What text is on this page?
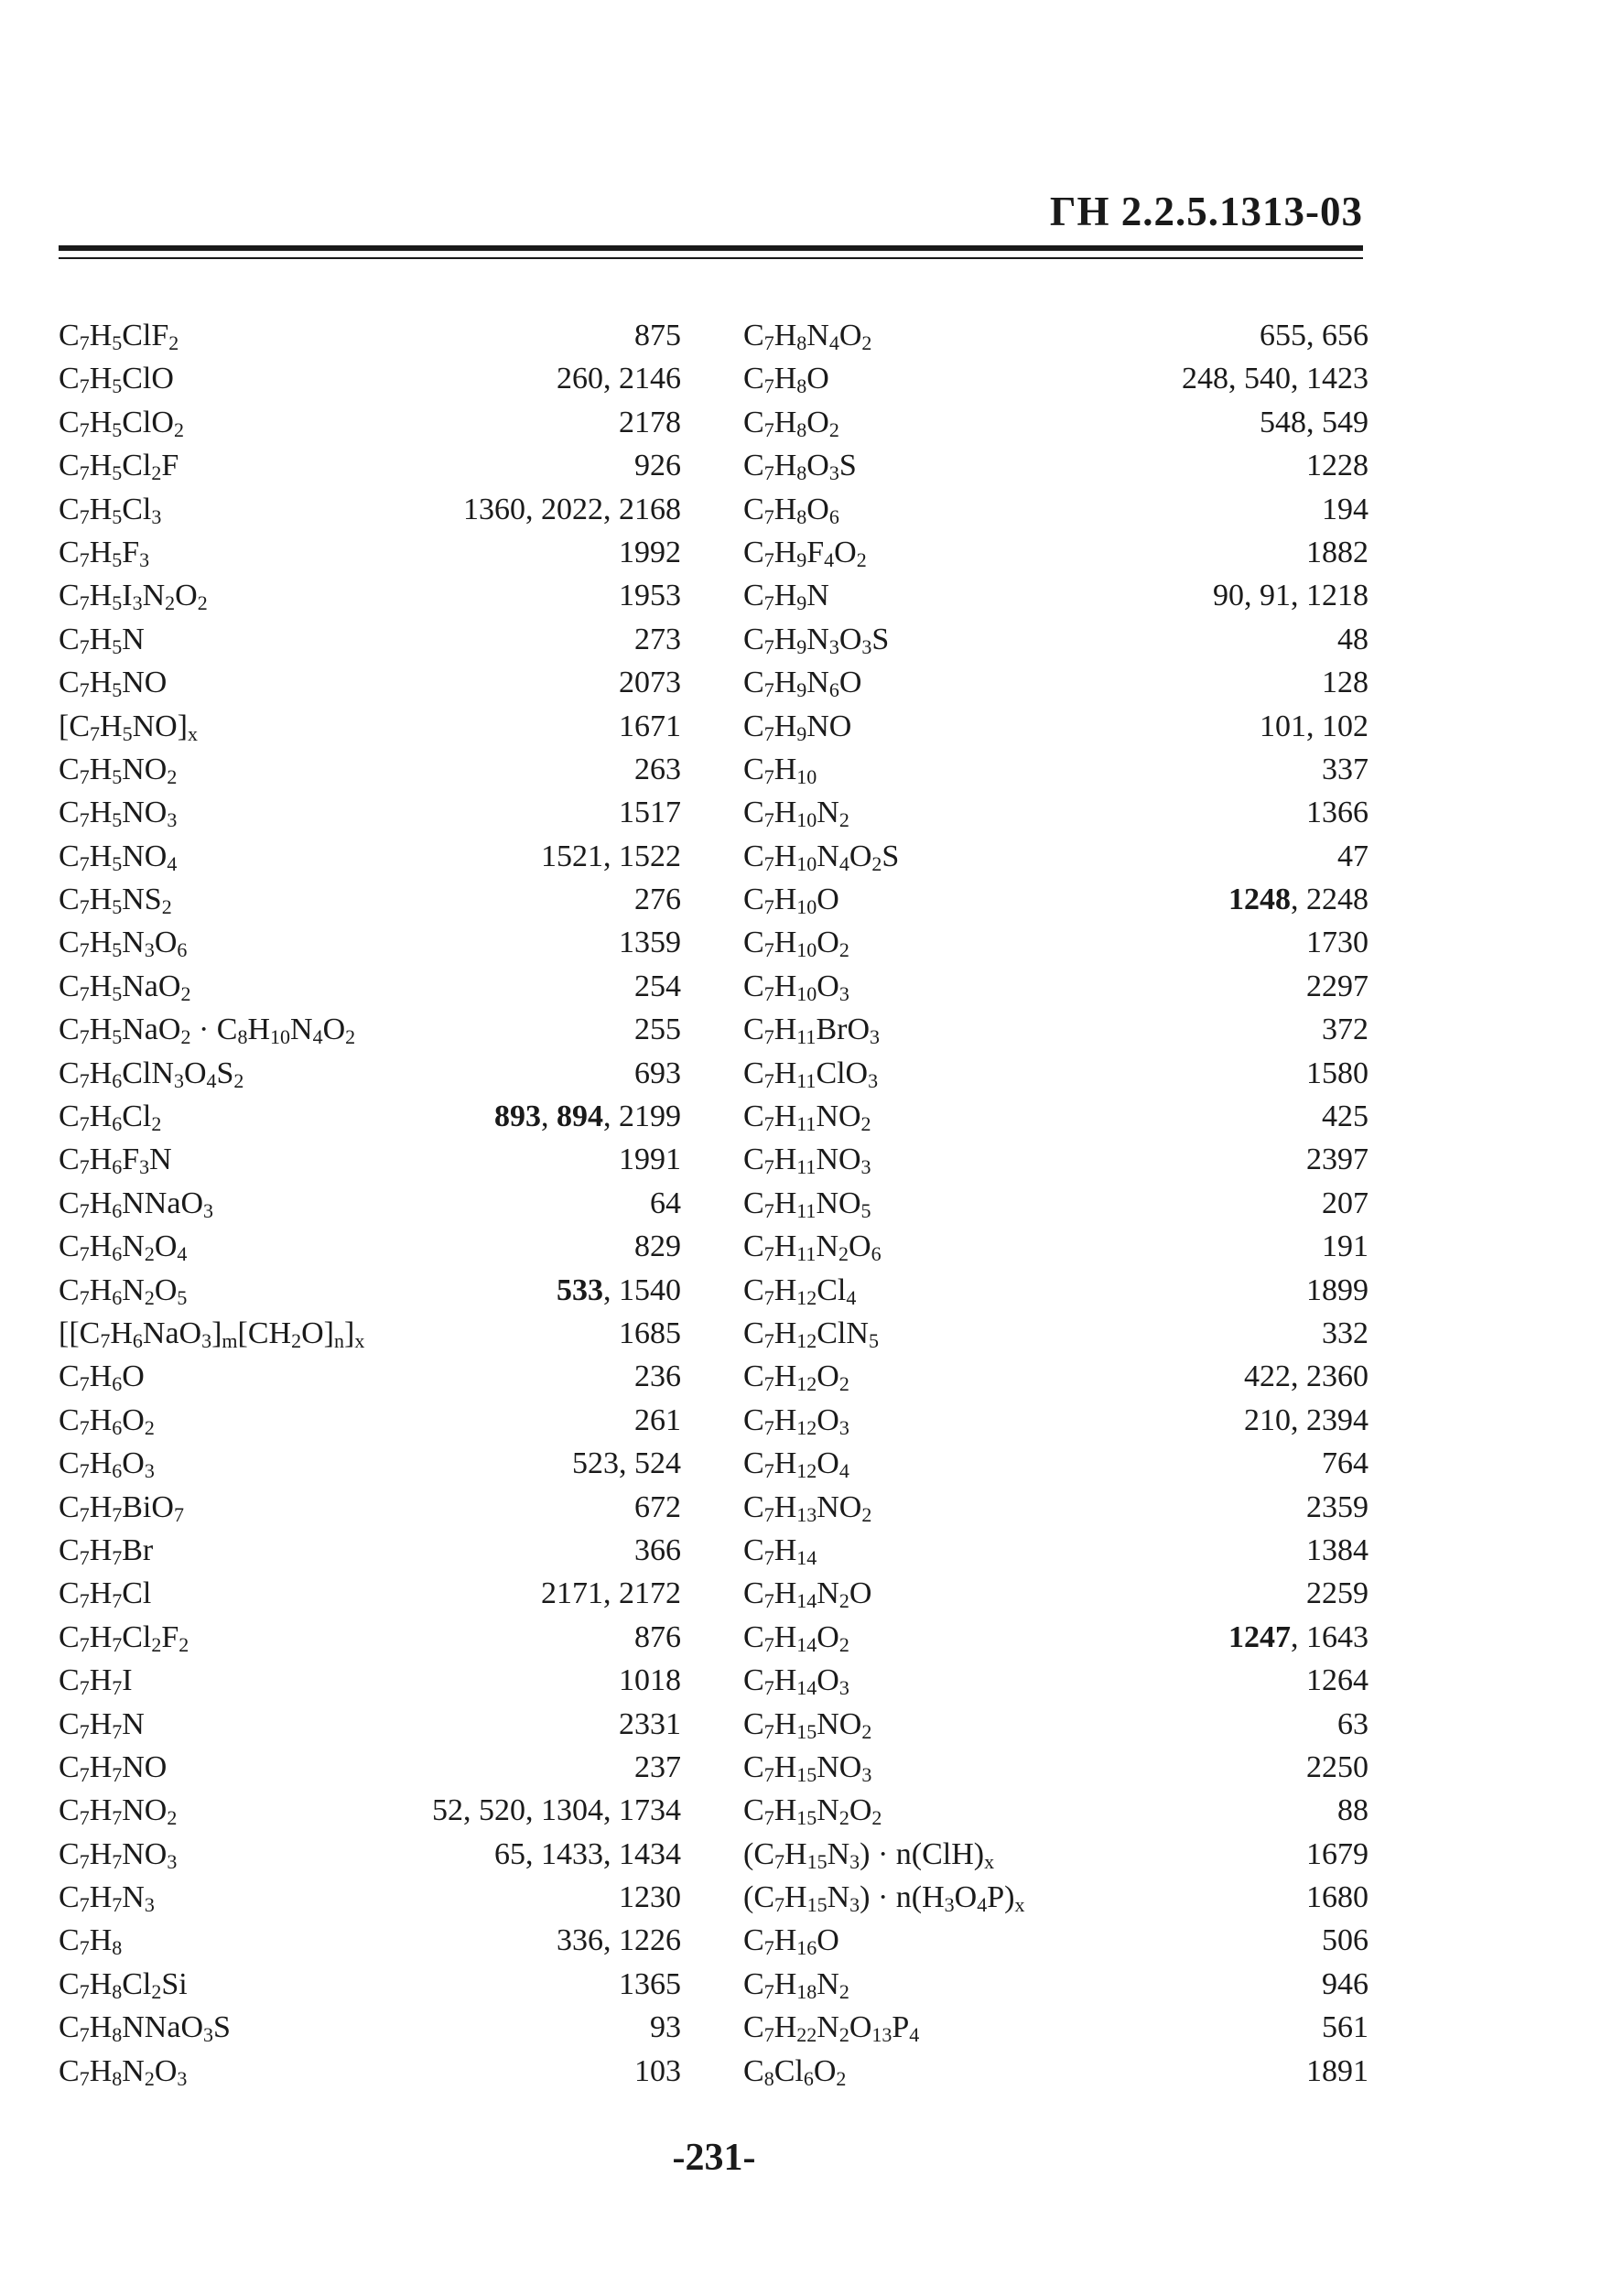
ГН 2.2.5.1313-03
$C_7H_5ClF_2$	875
$C_7H_5ClO$	260, 2146
$C_7H_5ClO_2$	2178
$C_7H_5Cl_2F$	926
$C_7H_5Cl_3$	1360, 2022, 2168
$C_7H_5F_3$	1992
$C_7H_5I_3N_2O_2$	1953
$C_7H_5N$	273
$C_7H_5NO$	2073
$[C_7H_5NO]_x$	1671
$C_7H_5NO_2$	263
$C_7H_5NO_3$	1517
$C_7H_5NO_4$	1521, 1522
$C_7H_5NS_2$	276
$C_7H_5N_3O_6$	1359
$C_7H_5NaO_2$	254
$C_7H_5NaO_2 \cdot C_8H_{10}N_4O_2$	255
$C_7H_6ClN_3O_4S_2$	693
$C_7H_6Cl_2$	893, 894, 2199
$C_7H_6F_3N$	1991
$C_7H_6NNaO_3$	64
$C_7H_6N_2O_4$	829
$C_7H_6N_2O_5$	533, 1540
$[[C_7H_6NaO_3]_m[CH_2O]_n]_x$	1685
$C_7H_6O$	236
$C_7H_6O_2$	261
$C_7H_6O_3$	523, 524
$C_7H_7BiO_7$	672
$C_7H_7Br$	366
$C_7H_7Cl$	2171, 2172
$C_7H_7Cl_2F_2$	876
$C_7H_7I$	1018
$C_7H_7N$	2331
$C_7H_7NO$	237
$C_7H_7NO_2$	52, 520, 1304, 1734
$C_7H_7NO_3$	65, 1433, 1434
$C_7H_7N_3$	1230
$C_7H_8$	336, 1226
$C_7H_8Cl_2Si$	1365
$C_7H_8NNaO_3S$	93
$C_7H_8N_2O_3$	103
$C_7H_8N_4O_2$	655, 656
$C_7H_8O$	248, 540, 1423
$C_7H_8O_2$	548, 549
$C_7H_8O_3S$	1228
$C_7H_8O_6$	194
$C_7H_9F_4O_2$	1882
$C_7H_9N$	90, 91, 1218
$C_7H_9N_3O_3S$	48
$C_7H_9N_6O$	128
$C_7H_9NO$	101, 102
$C_7H_{10}$	337
$C_7H_{10}N_2$	1366
$C_7H_{10}N_4O_2S$	47
$C_7H_{10}O$	1248, 2248
$C_7H_{10}O_2$	1730
$C_7H_{10}O_3$	2297
$C_7H_{11}BrO_3$	372
$C_7H_{11}ClO_3$	1580
$C_7H_{11}NO_2$	425
$C_7H_{11}NO_3$	2397
$C_7H_{11}NO_5$	207
$C_7H_{11}N_2O_6$	191
$C_7H_{12}Cl_4$	1899
$C_7H_{12}ClN_5$	332
$C_7H_{12}O_2$	422, 2360
$C_7H_{12}O_3$	210, 2394
$C_7H_{12}O_4$	764
$C_7H_{13}NO_2$	2359
$C_7H_{14}$	1384
$C_7H_{14}N_2O$	2259
$C_7H_{14}O_2$	1247, 1643
$C_7H_{14}O_3$	1264
$C_7H_{15}NO_2$	63
$C_7H_{15}NO_3$	2250
$C_7H_{15}N_2O_2$	88
$(C_7H_{15}N_3) \cdot n(ClH)_x$	1679
$(C_7H_{15}N_3) \cdot n(H_3O_4P)_x$	1680
$C_7H_{16}O$	506
$C_7H_{18}N_2$	946
$C_7H_{22}N_2O_{13}P_4$	561
$C_8Cl_6O_2$	1891
-231-
